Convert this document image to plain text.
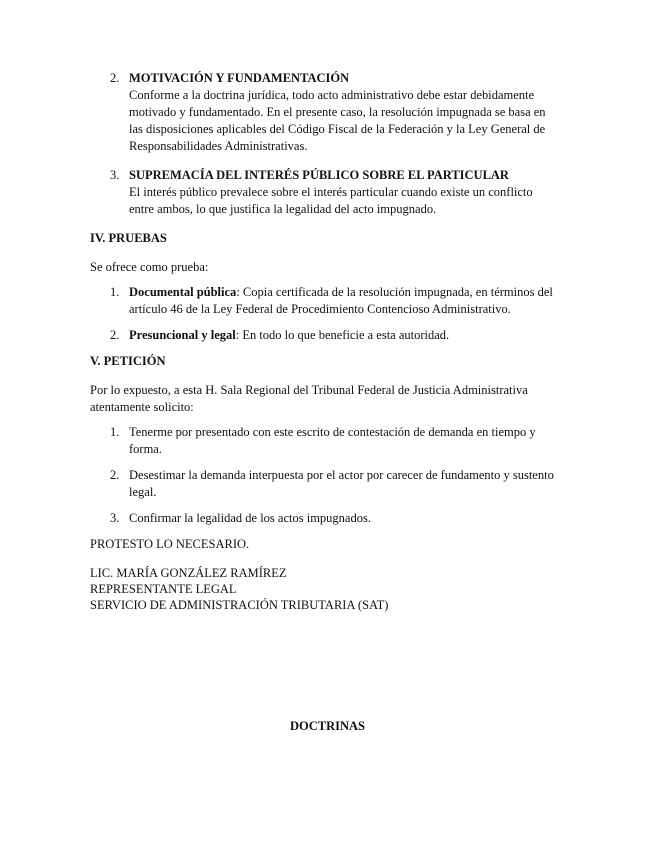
2. MOTIVACIÓN Y FUNDAMENTACIÓN
Conforme a la doctrina jurídica, todo acto administrativo debe estar debidamente motivado y fundamentado. En el presente caso, la resolución impugnada se basa en las disposiciones aplicables del Código Fiscal de la Federación y la Ley General de Responsabilidades Administrativas.
3. SUPREMACÍA DEL INTERÉS PÚBLICO SOBRE EL PARTICULAR
El interés público prevalece sobre el interés particular cuando existe un conflicto entre ambos, lo que justifica la legalidad del acto impugnado.
IV. PRUEBAS

Se ofrece como prueba:

1. Documental pública: Copia certificada de la resolución impugnada, en términos del artículo 46 de la Ley Federal de Procedimiento Contencioso Administrativo.
2. Presuncional y legal: En todo lo que beneficie a esta autoridad.
V. PETICIÓN

Por lo expuesto, a esta H. Sala Regional del Tribunal Federal de Justicia Administrativa atentamente solicito:

1. Tenerme por presentado con este escrito de contestación de demanda en tiempo y forma.
2. Desestimar la demanda interpuesta por el actor por carecer de fundamento y sustento legal.
3. Confirmar la legalidad de los actos impugnados.
PROTESTO LO NECESARIO.
LIC. MARÍA GONZÁLEZ RAMÍREZ
REPRESENTANTE LEGAL
SERVICIO DE ADMINISTRACIÓN TRIBUTARIA (SAT)
DOCTRINAS
